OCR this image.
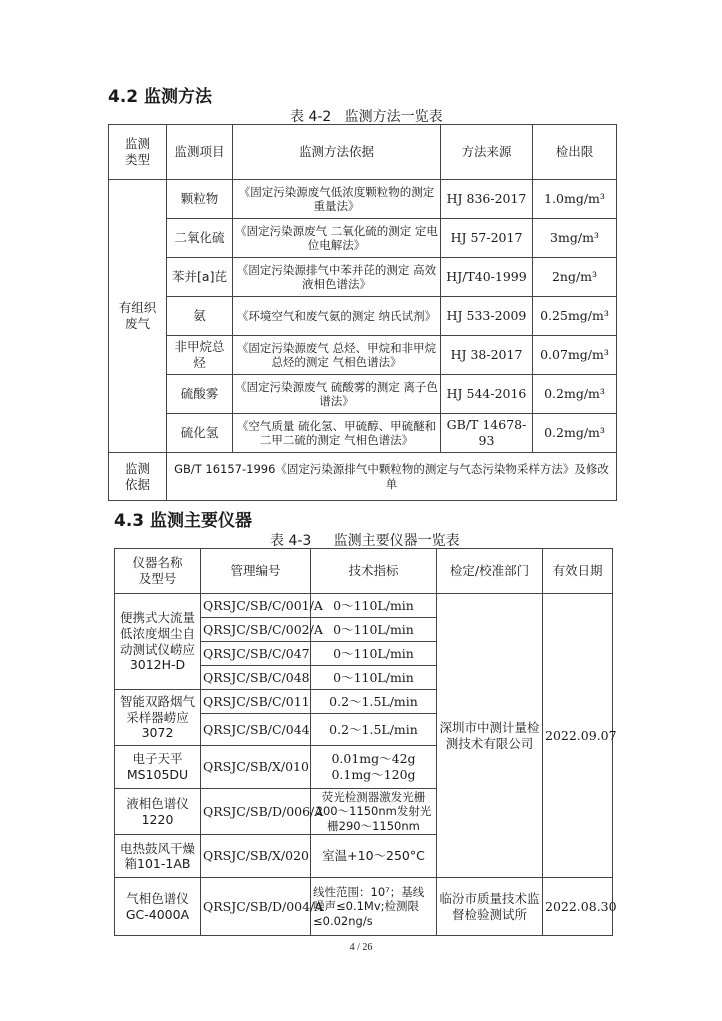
4.2 监测方法

表 4-2   监测方法一览表

监测
类型	监测项目	监测方法依据	方法来源	检出限
有组织
废气	颗粒物	《固定污染源废气低浓度颗粒物的测定 重量法》	HJ 836-2017	1.0mg/m³
	二氧化硫	《固定污染源废气 二氧化硫的测定 定电位电解法》	HJ 57-2017	3mg/m³
	苯并[a]芘	《固定污染源排气中苯并芘的测定 高效液相色谱法》	HJ/T40-1999	2ng/m³
	氨	《环境空气和废气氨的测定 纳氏试剂》	HJ 533-2009	0.25mg/m³
	非甲烷总烃	《固定污染源废气 总烃、甲烷和非甲烷总烃的测定 气相色谱法》	HJ 38-2017	0.07mg/m³
	硫酸雾	《固定污染源废气 硫酸雾的测定 离子色谱法》	HJ 544-2016	0.2mg/m³
	硫化氢	《空气质量 硫化氢、甲硫醇、甲硫醚和二甲二硫的测定 气相色谱法》	GB/T 14678-93	0.2mg/m³
监测
依据	GB/T 16157-1996《固定污染源排气中颗粒物的测定与气态污染物采样方法》及修改单			
4.3 监测主要仪器

表 4-3     监测主要仪器一览表

仪器名称
及型号	管理编号	技术指标	检定/校准部门	有效日期
便携式大流量低浓度烟尘自动测试仪崂应3012H-D	QRSJC/SB/C/001/A	0～110L/min	深圳市中测计量检测技术有限公司	2022.09.07
	QRSJC/SB/C/002/A	0～110L/min		
	QRSJC/SB/C/047	0～110L/min		
	QRSJC/SB/C/048	0～110L/min		
智能双路烟气采样器崂应3072	QRSJC/SB/C/011	0.2～1.5L/min		
	QRSJC/SB/C/044	0.2～1.5L/min		
电子天平
MS105DU	QRSJC/SB/X/010	0.01mg～42g
0.1mg～120g		
液相色谱仪
1220	QRSJC/SB/D/006/A	荧光检测器激发光栅200～1150nm发射光栅290～1150nm		
电热鼓风干燥箱101-1AB	QRSJC/SB/X/020	室温+10～250°C		
气相色谱仪
GC-4000A	QRSJC/SB/D/004/A	线性范围：10⁷；基线噪声≤0.1Mv;检测限≤0.02ng/s	临汾市质量技术监督检验测试所	2022.08.30
4 / 26
